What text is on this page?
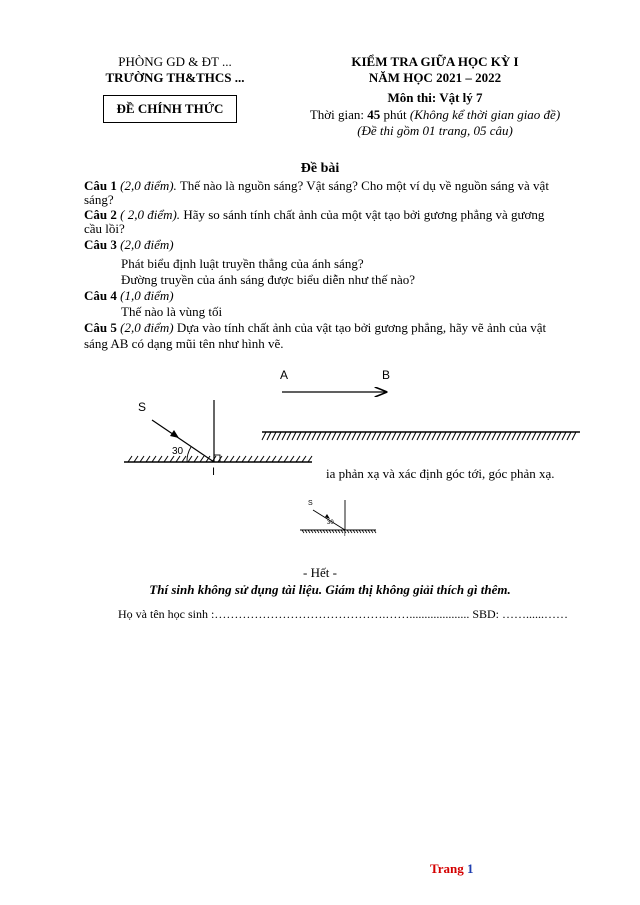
PHÒNG GD & ĐT ...
TRƯỜNG TH&THCS ...
ĐỀ CHÍNH THỨC
KIỂM TRA GIỮA HỌC KỲ I
NĂM HỌC 2021 – 2022
Môn thi: Vật lý 7
Thời gian: 45 phút (Không kể thời gian giao đề)
(Đề thi gồm 01 trang, 05 câu)
Đề bài
Câu 1 (2,0 điểm). Thế nào là nguồn sáng? Vật sáng? Cho một ví dụ về nguồn sáng và vật
sáng?
Câu 2 ( 2,0 điểm). Hãy so sánh tính chất ảnh của một vật tạo bởi gương phẳng và gương
cầu lồi?
Câu 3 (2,0 điểm)
Phát biểu định luật truyền thẳng của ánh sáng?
Đường truyền của ánh sáng được biểu diễn như thế nào?
Câu 4 (1,0 điểm)
Thế nào là vùng tối
Câu 5 (2,0 điểm) Dựa vào tính chất ảnh của vật tạo bởi gương phẳng, hãy vẽ ảnh của vật
sáng AB có dạng mũi tên như hình vẽ.
A	B
S
30
I	ia phản xạ và xác định góc tới, góc phản xạ.
S
30
I
- Hết -
Thí sinh không sử dụng tài liệu. Giám thị không giải thích gì thêm.
Họ và tên học sinh :…………………………………….…….................... SBD: ……......……
Trang 1
